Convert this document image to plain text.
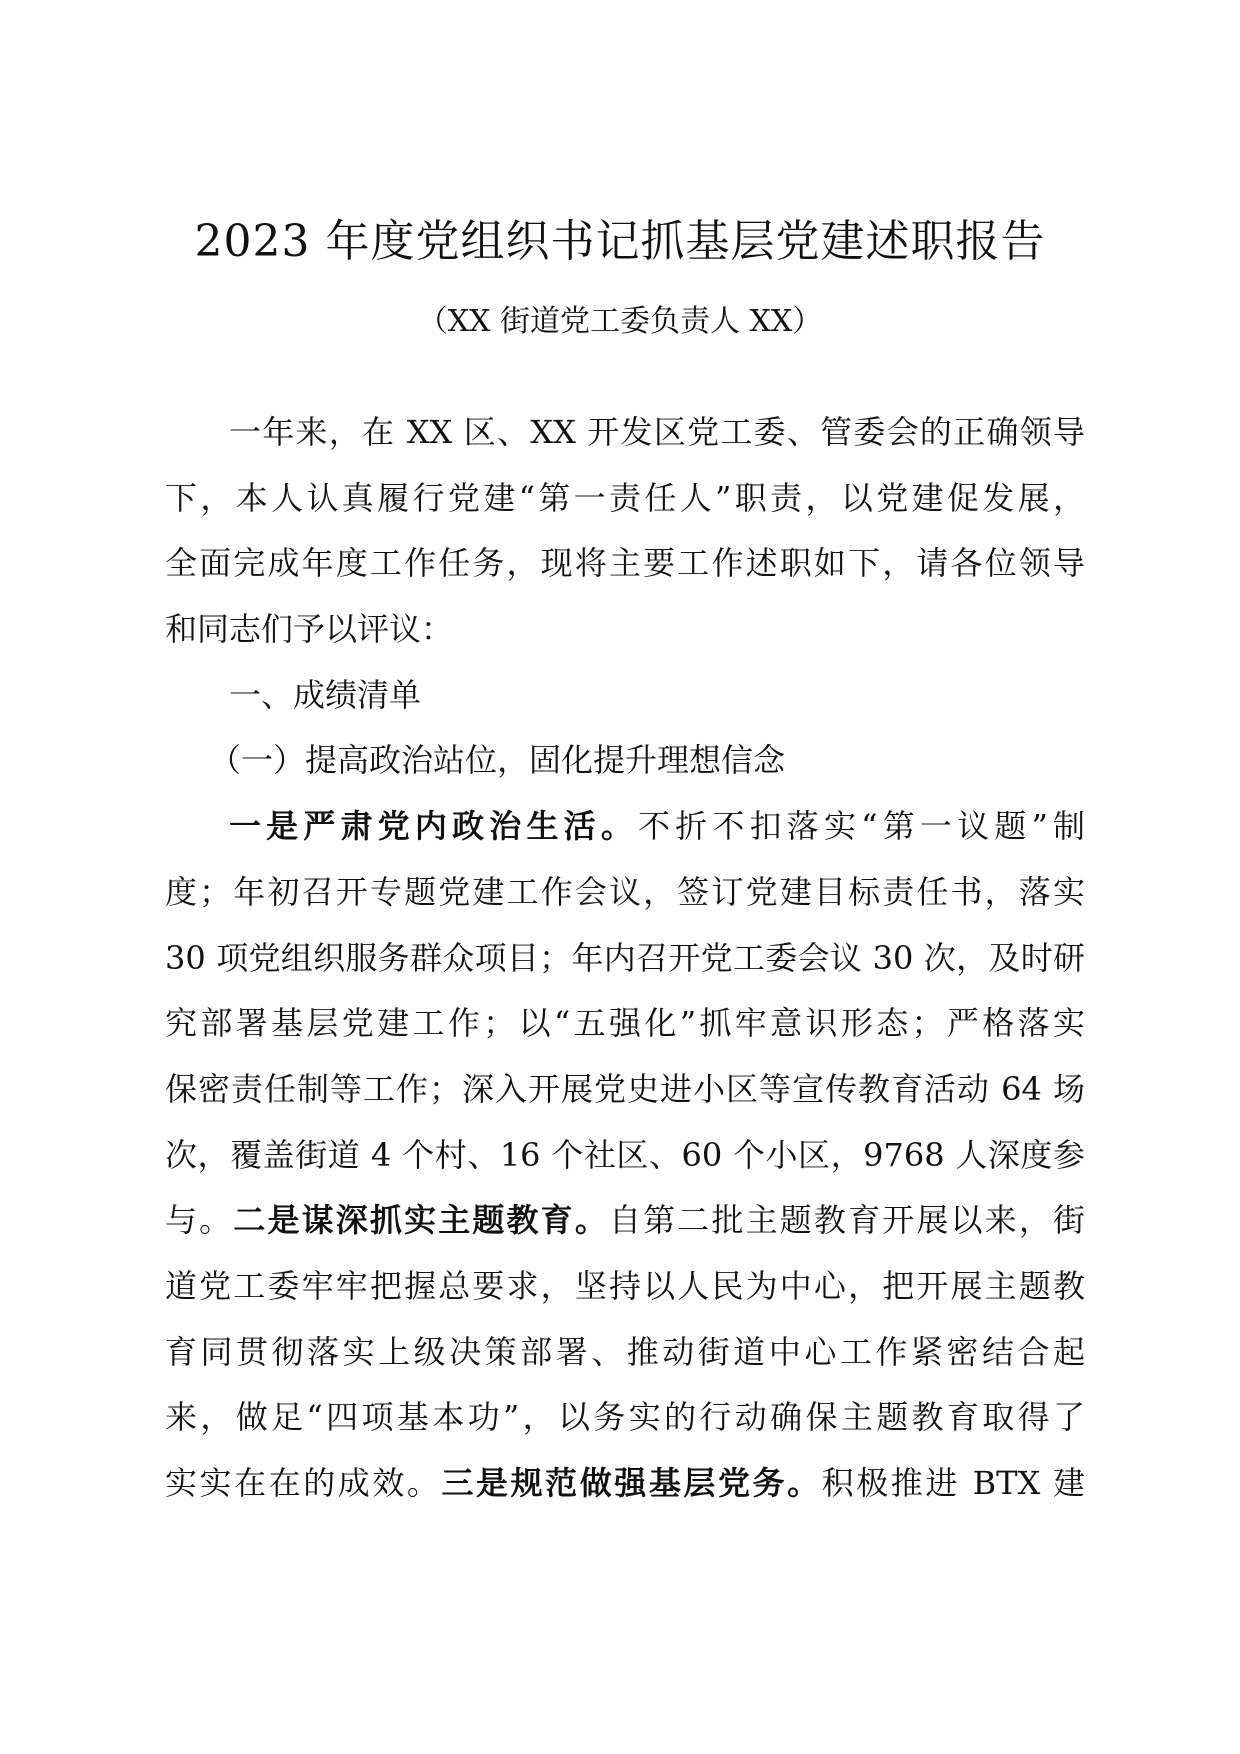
2023 年度党组织书记抓基层党建述职报告
（XX 街道党工委负责人 XX）
一年来，在 XX 区、XX 开发区党工委、管委会的正确领导
下，本人认真履行党建“第一责任人”职责，以党建促发展，
全面完成年度工作任务，现将主要工作述职如下，请各位领导
和同志们予以评议：
一、成绩清单
（一）提高政治站位，固化提升理想信念
一是严肃党内政治生活。不折不扣落实“第一议题”制
度；年初召开专题党建工作会议，签订党建目标责任书，落实
30 项党组织服务群众项目；年内召开党工委会议 30 次，及时研
究部署基层党建工作；以“五强化”抓牢意识形态；严格落实
保密责任制等工作；深入开展党史进小区等宣传教育活动 64 场
次，覆盖街道 4 个村、16 个社区、60 个小区，9768 人深度参
与。二是谋深抓实主题教育。自第二批主题教育开展以来，街
道党工委牢牢把握总要求，坚持以人民为中心，把开展主题教
育同贯彻落实上级决策部署、推动街道中心工作紧密结合起
来，做足“四项基本功”，以务实的行动确保主题教育取得了
实实在在的成效。三是规范做强基层党务。积极推进 BTX 建
